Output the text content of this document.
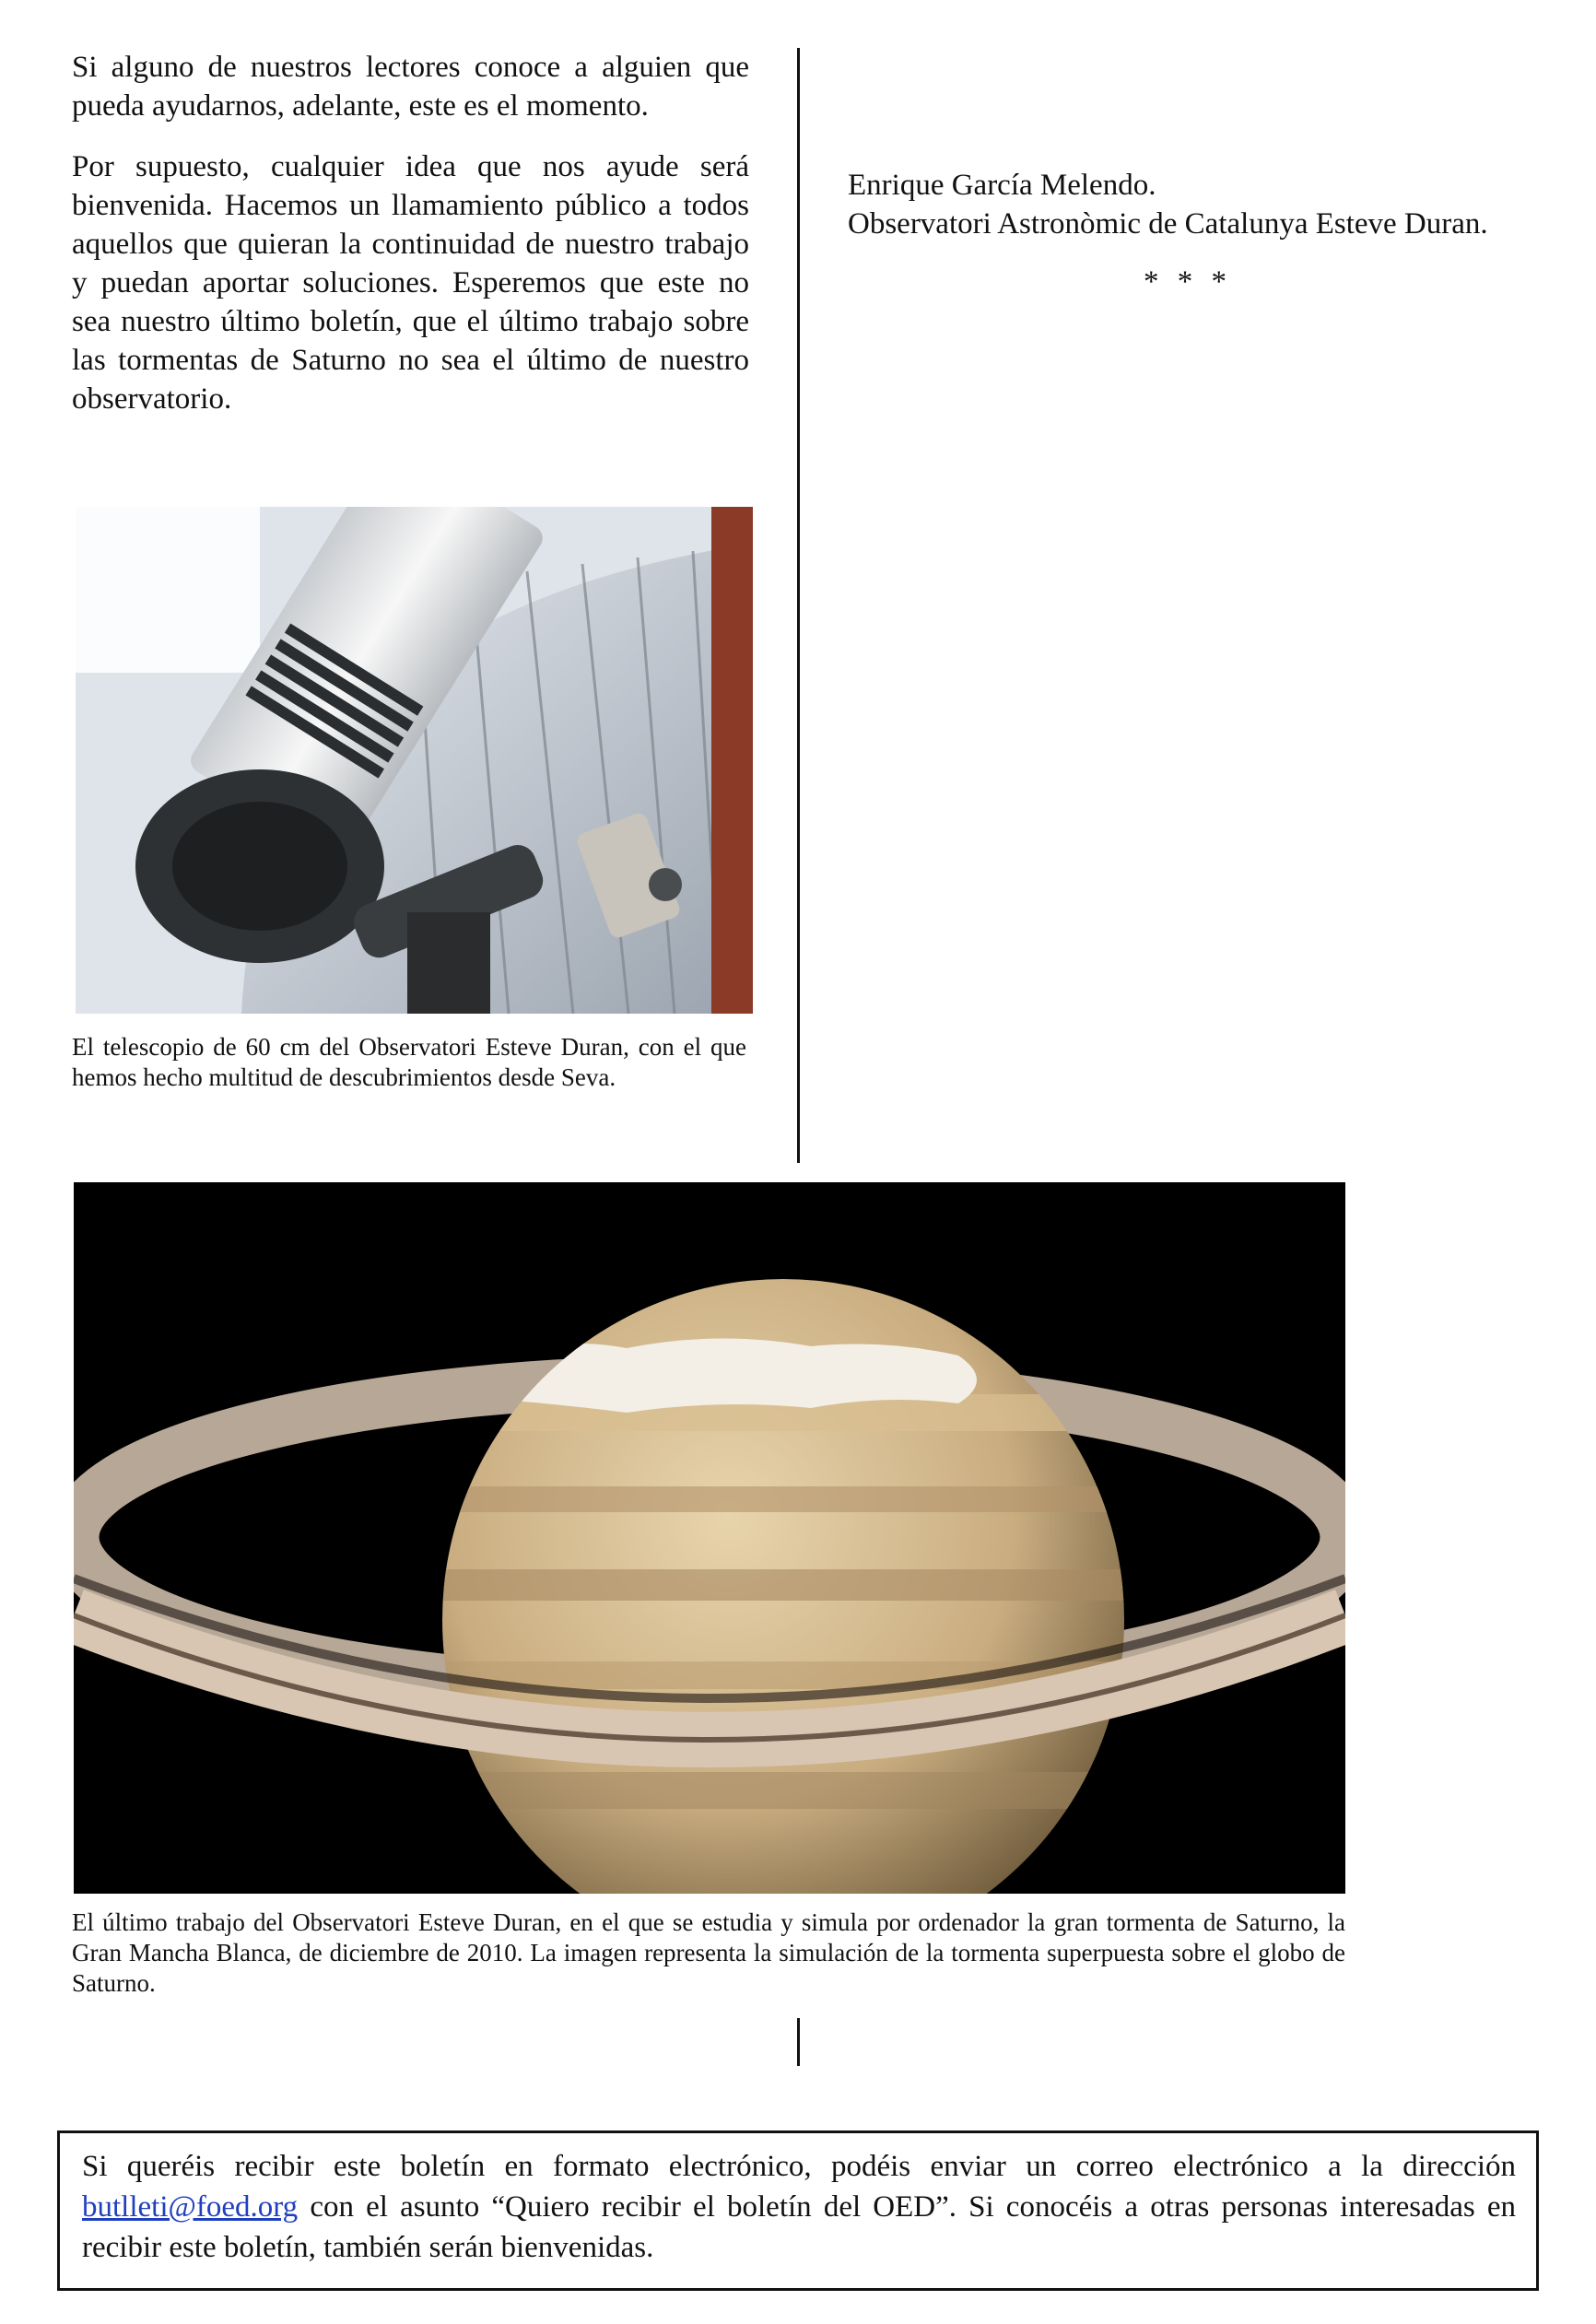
Si alguno de nuestros lectores conoce a alguien que pueda ayudarnos, adelante, este es el momento.

Por supuesto, cualquier idea que nos ayude será bienvenida. Hacemos un llamamiento público a todos aquellos que quieran la continuidad de nuestro trabajo y puedan aportar soluciones. Esperemos que este no sea nuestro último boletín, que el último trabajo sobre las tormentas de Saturno no sea el último de nuestro observatorio.

Enrique García Melendo.
Observatori Astronòmic de Catalunya Esteve Duran.
* * *

El telescopio de 60 cm del Observatori Esteve Duran, con el que hemos hecho multitud de descubrimientos desde Seva.

El último trabajo del Observatori Esteve Duran, en el que se estudia y simula por ordenador la gran tormenta de Saturno, la Gran Mancha Blanca, de diciembre de 2010. La imagen representa la simulación de la tormenta superpuesta sobre el globo de Saturno.

Si queréis recibir este boletín en formato electrónico, podéis enviar un correo electrónico a la dirección butlleti@foed.org con el asunto “Quiero recibir el boletín del OED”. Si conocéis a otras personas interesadas en recibir este boletín, también serán bienvenidas.
